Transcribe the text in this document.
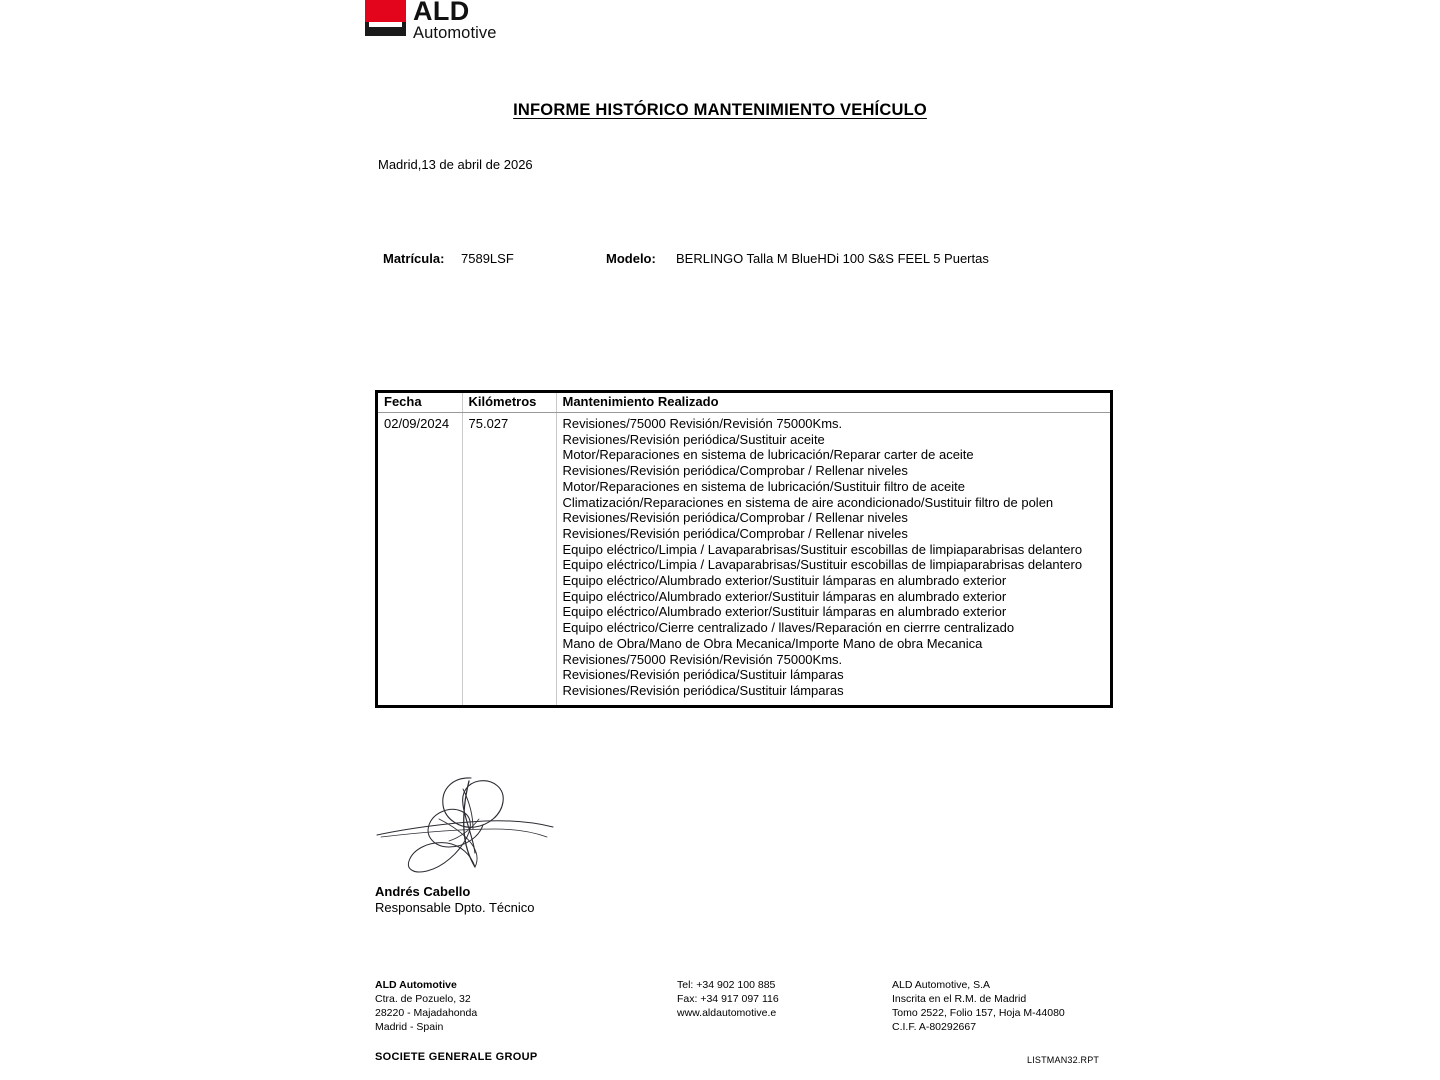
ALD
Automotive
INFORME HISTÓRICO MANTENIMIENTO VEHÍCULO
Madrid,13 de abril de 2026
Matrícula: 7589LSF	Modelo: BERLINGO Talla M BlueHDi 100 S&S FEEL 5 Puertas
Fecha	Kilómetros	Mantenimiento Realizado
02/09/2024	75.027	Revisiones/75000 Revisión/Revisión 75000Kms.
Revisiones/Revisión periódica/Sustituir aceite
Motor/Reparaciones en sistema de lubricación/Reparar carter de aceite
Revisiones/Revisión periódica/Comprobar / Rellenar niveles
Motor/Reparaciones en sistema de lubricación/Sustituir filtro de aceite
Climatización/Reparaciones en sistema de aire acondicionado/Sustituir filtro de polen
Revisiones/Revisión periódica/Comprobar / Rellenar niveles
Revisiones/Revisión periódica/Comprobar / Rellenar niveles
Equipo eléctrico/Limpia / Lavaparabrisas/Sustituir escobillas de limpiaparabrisas delantero
Equipo eléctrico/Limpia / Lavaparabrisas/Sustituir escobillas de limpiaparabrisas delantero
Equipo eléctrico/Alumbrado exterior/Sustituir lámparas en alumbrado exterior
Equipo eléctrico/Alumbrado exterior/Sustituir lámparas en alumbrado exterior
Equipo eléctrico/Alumbrado exterior/Sustituir lámparas en alumbrado exterior
Equipo eléctrico/Cierre centralizado / llaves/Reparación en cierrre centralizado
Mano de Obra/Mano de Obra Mecanica/Importe Mano de obra Mecanica
Revisiones/75000 Revisión/Revisión 75000Kms.
Revisiones/Revisión periódica/Sustituir lámparas
Revisiones/Revisión periódica/Sustituir lámparas
Andrés Cabello
Responsable Dpto. Técnico
ALD Automotive
Ctra. de Pozuelo, 32
28220 - Majadahonda
Madrid - Spain
Tel: +34 902 100 885
Fax: +34 917 097 116
www.aldautomotive.e
ALD Automotive, S.A
Inscrita en el R.M. de Madrid
Tomo 2522, Folio 157, Hoja M-44080
C.I.F. A-80292667
SOCIETE GENERALE GROUP	LISTMAN32.RPT
